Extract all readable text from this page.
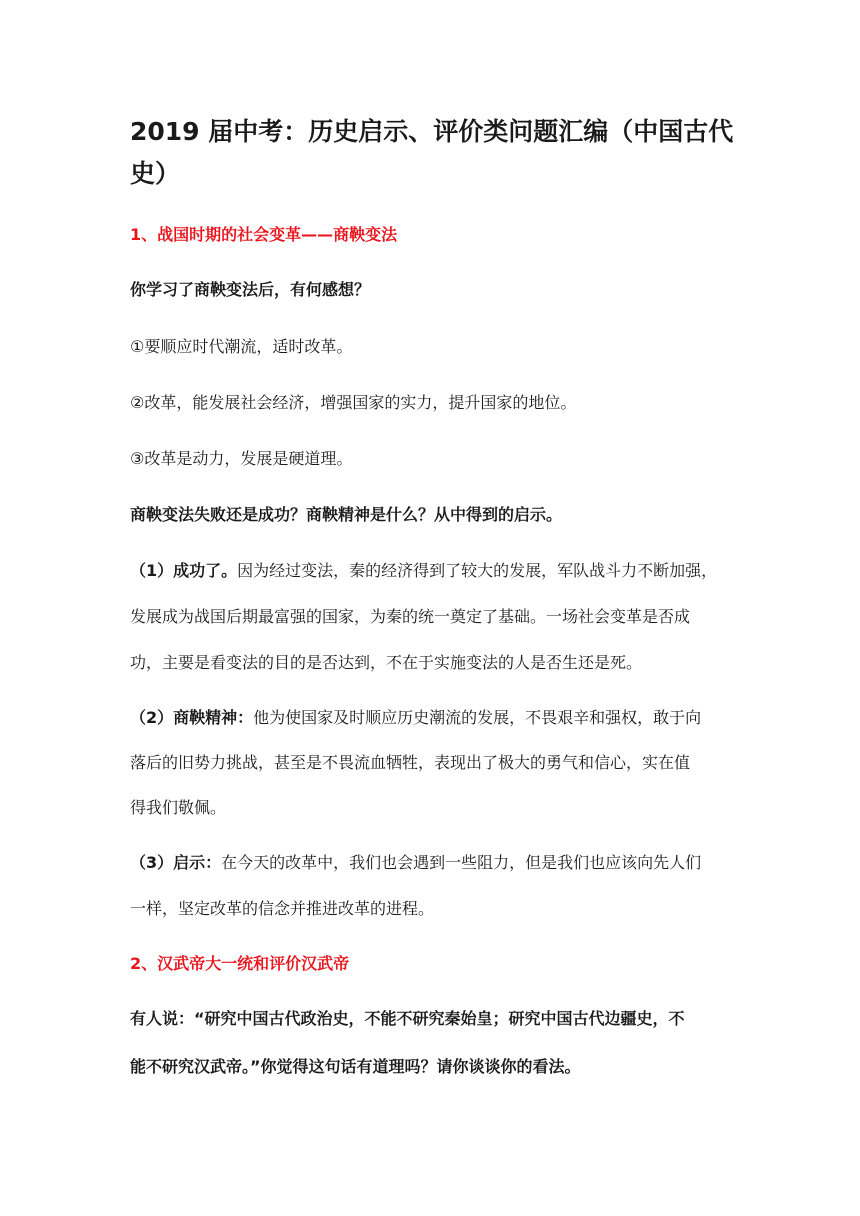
2019 届中考：历史启示、评价类问题汇编（中国古代
史）
1、战国时期的社会变革——商鞅变法
你学习了商鞅变法后，有何感想？
①要顺应时代潮流，适时改革。
②改革，能发展社会经济，增强国家的实力，提升国家的地位。
③改革是动力，发展是硬道理。
商鞅变法失败还是成功？商鞅精神是什么？从中得到的启示。
（1）成功了。因为经过变法，秦的经济得到了较大的发展，军队战斗力不断加强，
发展成为战国后期最富强的国家，为秦的统一奠定了基础。一场社会变革是否成
功，主要是看变法的目的是否达到，不在于实施变法的人是否生还是死。
（2）商鞅精神：他为使国家及时顺应历史潮流的发展，不畏艰辛和强权，敢于向
落后的旧势力挑战，甚至是不畏流血牺牲，表现出了极大的勇气和信心，实在值
得我们敬佩。
（3）启示：在今天的改革中，我们也会遇到一些阻力，但是我们也应该向先人们
一样，坚定改革的信念并推进改革的进程。
2、汉武帝大一统和评价汉武帝
有人说：“研究中国古代政治史，不能不研究秦始皇；研究中国古代边疆史，不
能不研究汉武帝。”你觉得这句话有道理吗？请你谈谈你的看法。
